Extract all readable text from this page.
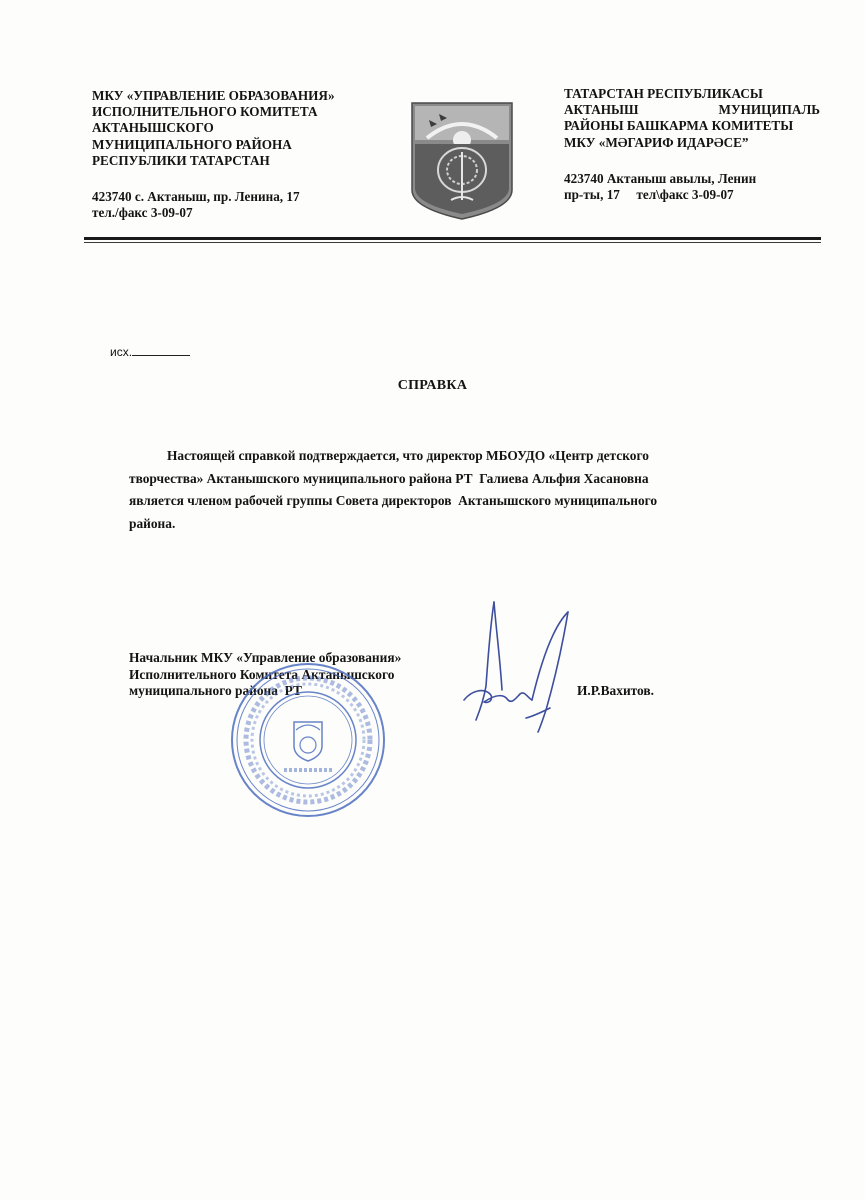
МКУ «УПРАВЛЕНИЕ ОБРАЗОВАНИЯ»
ИСПОЛНИТЕЛЬНОГО КОМИТЕТА
АКТАНЫШСКОГО
МУНИЦИПАЛЬНОГО РАЙОНА
РЕСПУБЛИКИ ТАТАРСТАН
423740 с. Актаныш, пр. Ленина, 17
тел./факс 3-09-07
ТАТАРСТАН РЕСПУБЛИКАСЫ
АКТАНЫШ МУНИЦИПАЛЬ
РАЙОНЫ БАШКАРМА КОМИТЕТЫ
МКУ «МӘГАРИФ ИДАРӘСЕ”
423740 Актаныш авылы, Ленин
пр-ты, 17     тел\факс 3-09-07
исх.
СПРАВКА
Настоящей справкой подтверждается, что директор МБОУДО «Центр детского
творчества» Актанышского муниципального района РТ  Галиева Альфия Хасановна
является членом рабочей группы Совета директоров  Актанышского муниципального
района.
Начальник МКУ «Управление образования»
Исполнительного Комитета Актанышского
муниципального района  РТ	И.Р.Вахитов.
